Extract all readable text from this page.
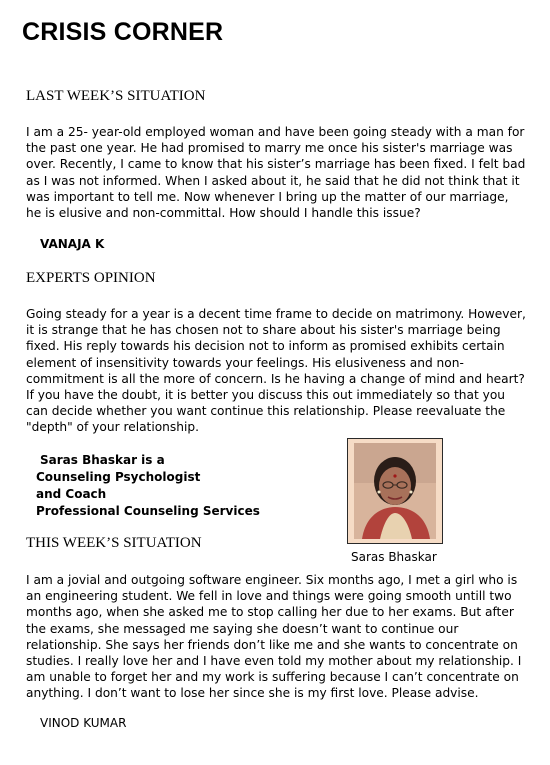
CRISIS CORNER
LAST WEEK’S SITUATION
I am a 25- year-old employed woman and have been going steady with a man for the past one year. He had promised to marry me once his sister's marriage was over. Recently, I came to know that his sister’s marriage has been fixed. I felt bad as I was not informed. When I asked about it, he said that he did not think that it was important to tell me. Now whenever I bring up the matter of our marriage, he is elusive and non-committal. How should I handle this issue?
VANAJA K
EXPERTS OPINION
Going steady for a year is a decent time frame to decide on matrimony. However, it is strange that he has chosen not to share about his sister's marriage being fixed. His reply towards his decision not to inform as promised exhibits certain element of insensitivity towards your feelings. His elusiveness and non-commitment is all the more of concern. Is he having a change of mind and heart? If you have the doubt, it is better you discuss this out immediately so that you can decide whether you want continue this relationship. Please reevaluate the "depth" of your relationship.
Saras Bhaskar is a
Counseling Psychologist
and Coach
Professional Counseling Services
Saras Bhaskar
THIS WEEK’S SITUATION
I am a jovial and outgoing software engineer. Six months ago, I met a girl who is an engineering student. We fell in love and things were going smooth untill two months ago, when she asked me to stop calling her due to her exams. But after the exams, she messaged me saying she doesn’t want to continue our relationship. She says her friends don’t like me and she wants to concentrate on studies. I really love her and I have even told my mother about my relationship. I am unable to forget her and my work is suffering because I can’t concentrate on anything. I don’t want to lose her since she is my first love. Please advise.
VINOD KUMAR
